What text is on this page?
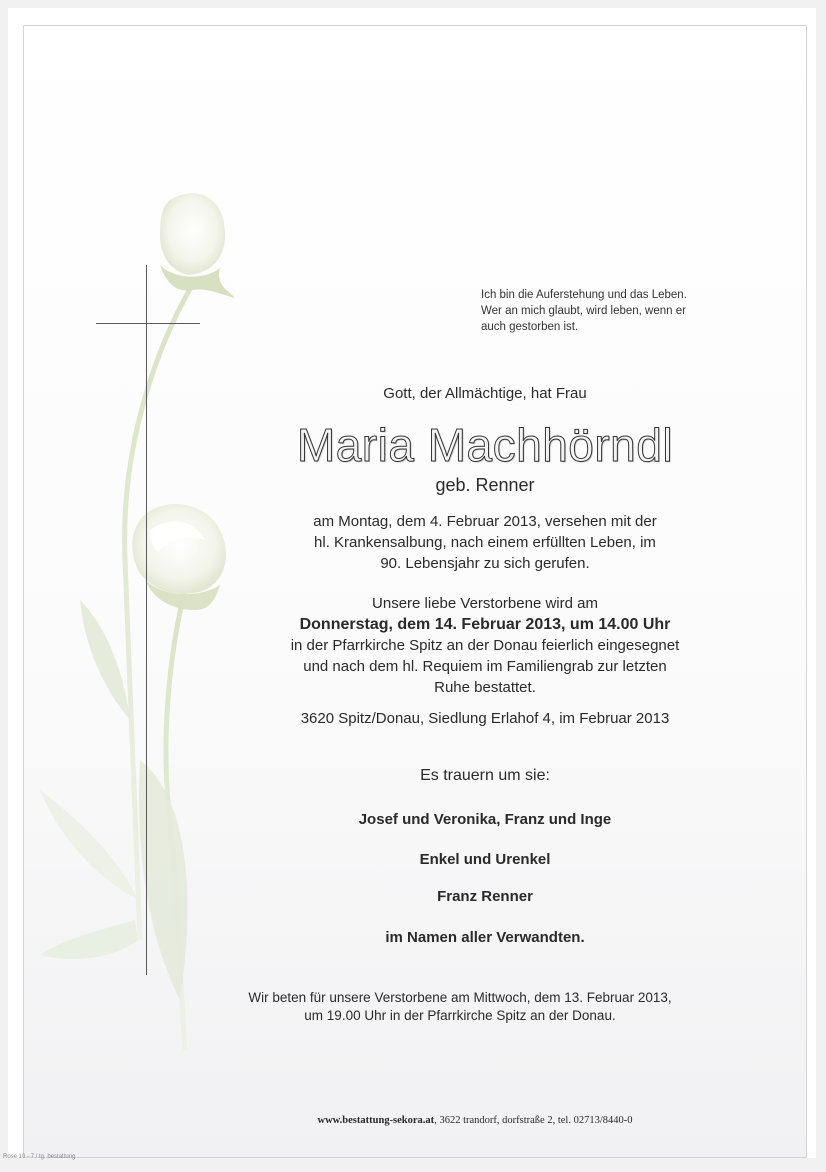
Ich bin die Auferstehung und das Leben.
Wer an mich glaubt, wird leben, wenn er
auch gestorben ist.
Gott, der Allmächtige, hat Frau
Maria Machhörndl
geb. Renner
am Montag, dem 4. Februar 2013, versehen mit der
hl. Krankensalbung, nach einem erfüllten Leben, im
90. Lebensjahr zu sich gerufen.
Unsere liebe Verstorbene wird am
Donnerstag, dem 14. Februar 2013, um 14.00 Uhr
in der Pfarrkirche Spitz an der Donau feierlich eingesegnet
und nach dem hl. Requiem im Familiengrab zur letzten
Ruhe bestattet.
3620 Spitz/Donau, Siedlung Erlahof 4, im Februar 2013
Es trauern um sie:
Josef und Veronika, Franz und Inge
Enkel und Urenkel
Franz Renner
im Namen aller Verwandten.
Wir beten für unsere Verstorbene am Mittwoch, dem 13. Februar 2013,
um 19.00 Uhr in der Pfarrkirche Spitz an der Donau.
www.bestattung-sekora.at, 3622 trandorf, dorfstraße 2, tel. 02713/8440-0
Rose 10 - 7 / tg. bestattung
